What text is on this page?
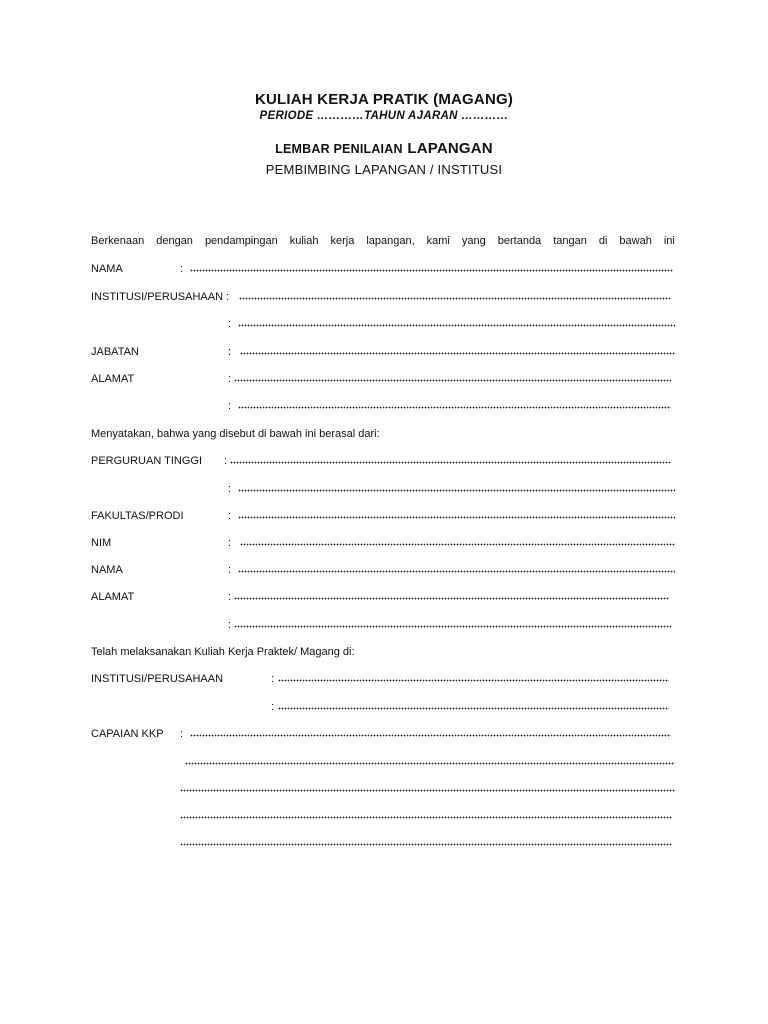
KULIAH KERJA PRATIK (MAGANG)
PERIODE …………TAHUN AJARAN …………
LEMBAR PENILAIAN LAPANGAN
PEMBIMBING LAPANGAN / INSTITUSI
Berkenaan dengan pendampingan kuliah kerja lapangan, kami yang bertanda tangan di bawah ini
NAMA	:
INSTITUSI/PERUSAHAAN :
:
JABATAN	:
ALAMAT	:
:
Menyatakan, bahwa yang disebut di bawah ini berasal dari:
PERGURUAN TINGGI :
:
FAKULTAS/PRODI	:
NIM	:
NAMA	:
ALAMAT	:
:
Telah melaksanakan Kuliah Kerja Praktek/ Magang di:
INSTITUSI/PERUSAHAAN	:
:
CAPAIAN KKP :
